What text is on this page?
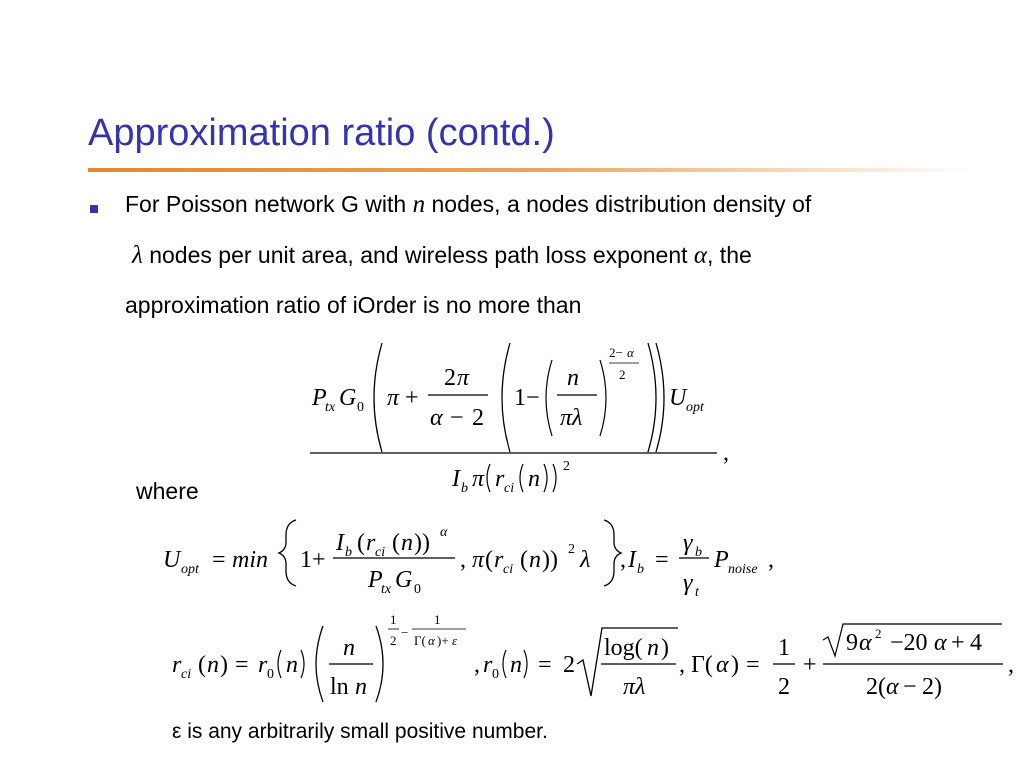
Approximation ratio (contd.)
For Poisson network G with n nodes, a nodes distribution density of
λ nodes per unit area, and wireless path loss exponent α, the
approximation ratio of iOrder is no more than
where
P
tx G 0 π +
2 π
α − 2
1−
n
πλ
2− α
2
U opt
,
I b π r ci n 2
U opt = min 1+
I b ( r ci ( n )) α
P
tx G 0
, π ( r ci ( n )) 2 λ , I b =
γ b
γ t
P noise ,
r ci ( n ) = r 0 n
n
ln n
1
2
−
1
Γ( α )+ ε
, r 0 n = 2
log( n )
πλ
, Γ( α ) =
1
2
+
9 α 2 −20 α + 4
2( α − 2)
,
ε is any arbitrarily small positive number.
